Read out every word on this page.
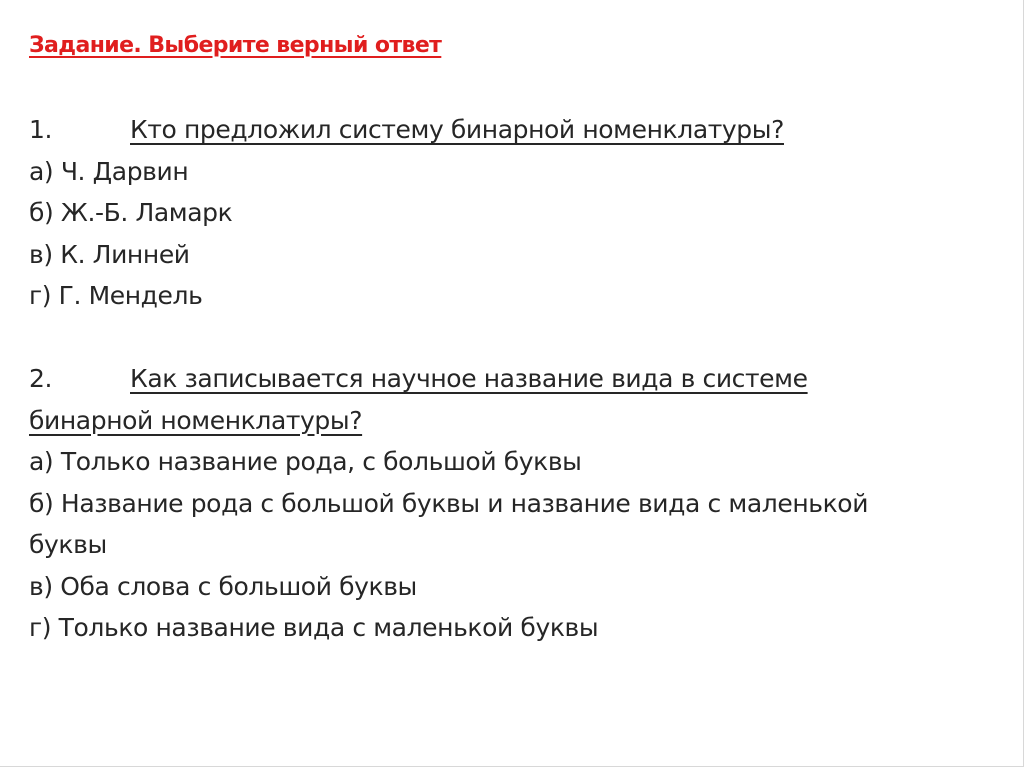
Задание. Выберите верный ответ
1.	Кто предложил систему бинарной номенклатуры?
а) Ч. Дарвин
б) Ж.-Б. Ламарк
в) К. Линней
г) Г. Мендель
2.	Как записывается научное название вида в системе
бинарной номенклатуры?
а) Только название рода, с большой буквы
б) Название рода с большой буквы и название вида с маленькой
буквы
в) Оба слова с большой буквы
г) Только название вида с маленькой буквы
